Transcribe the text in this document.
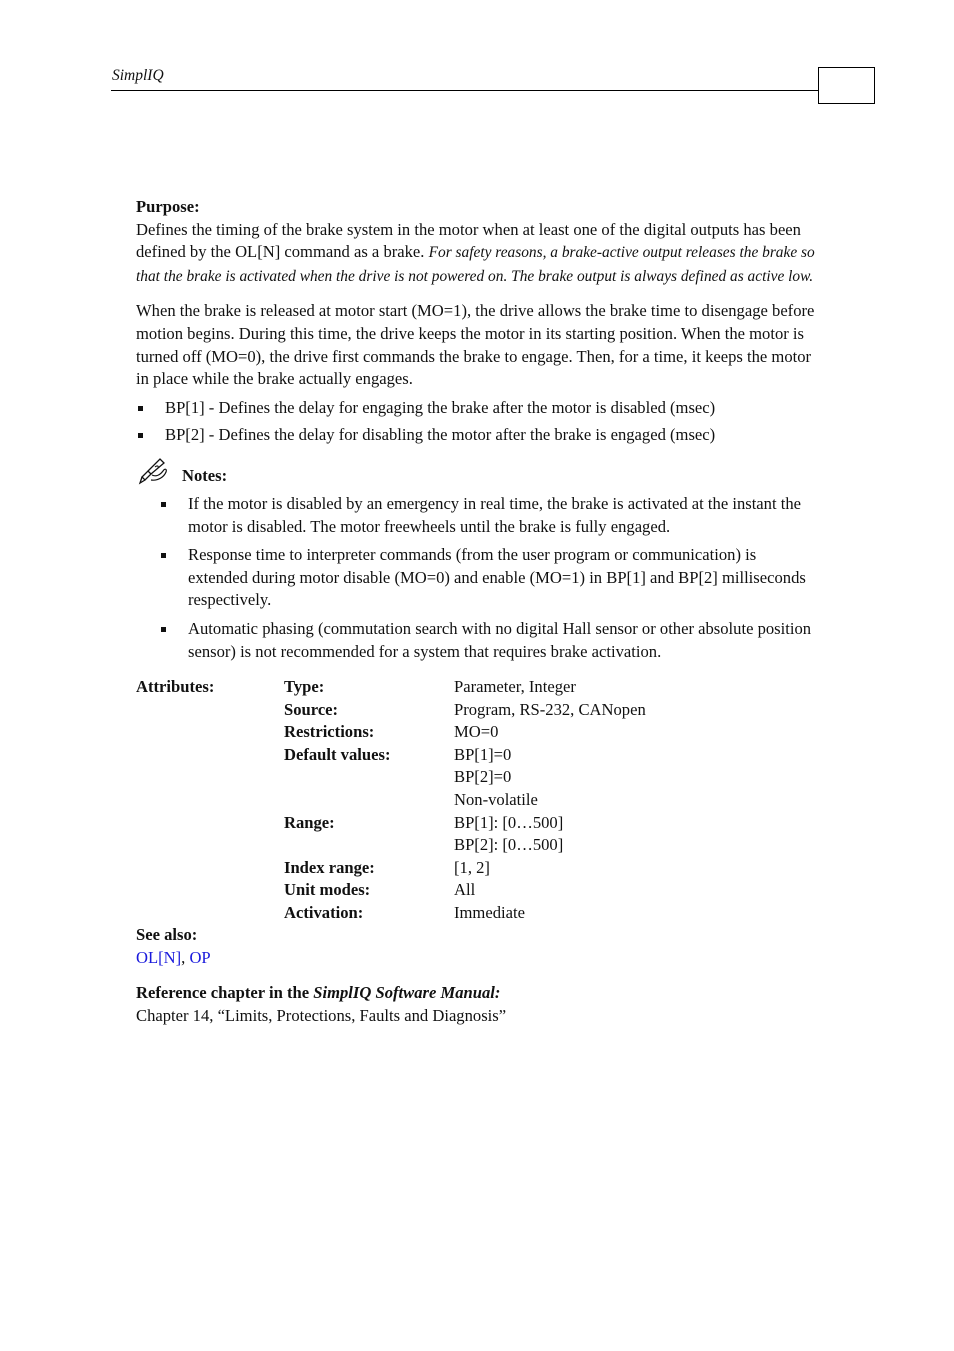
SimplIQ

Purpose:

Defines the timing of the brake system in the motor when at least one of the digital outputs has been defined by the OL[N] command as a brake. For safety reasons, a brake-active output releases the brake so that the brake is activated when the drive is not powered on. The brake output is always defined as active low.

When the brake is released at motor start (MO=1), the drive allows the brake time to disengage before motion begins. During this time, the drive keeps the motor in its starting position. When the motor is turned off (MO=0), the drive first commands the brake to engage. Then, for a time, it keeps the motor in place while the brake actually engages.

BP[1] - Defines the delay for engaging the brake after the motor is disabled (msec)
BP[2] - Defines the delay for disabling the motor after the brake is engaged (msec)
Notes:
If the motor is disabled by an emergency in real time, the brake is activated at the instant the motor is disabled. The motor freewheels until the brake is fully engaged.
Response time to interpreter commands (from the user program or communication) is extended during motor disable (MO=0) and enable (MO=1) in BP[1] and BP[2] milliseconds respectively.
Automatic phasing (commutation search with no digital Hall sensor or other absolute position sensor) is not recommended for a system that requires brake activation.
Attributes:	Type:	Parameter, Integer
Source:	Program, RS-232, CANopen
Restrictions:	MO=0
Default values:	BP[1]=0
BP[2]=0
Non-volatile
Range:	BP[1]: [0…500]
BP[2]: [0…500]
Index range:	[1, 2]
Unit modes:	All
Activation:	Immediate

See also:

OL[N], OP

Reference chapter in the SimplIQ Software Manual:

Chapter 14, “Limits, Protections, Faults and Diagnosis”
